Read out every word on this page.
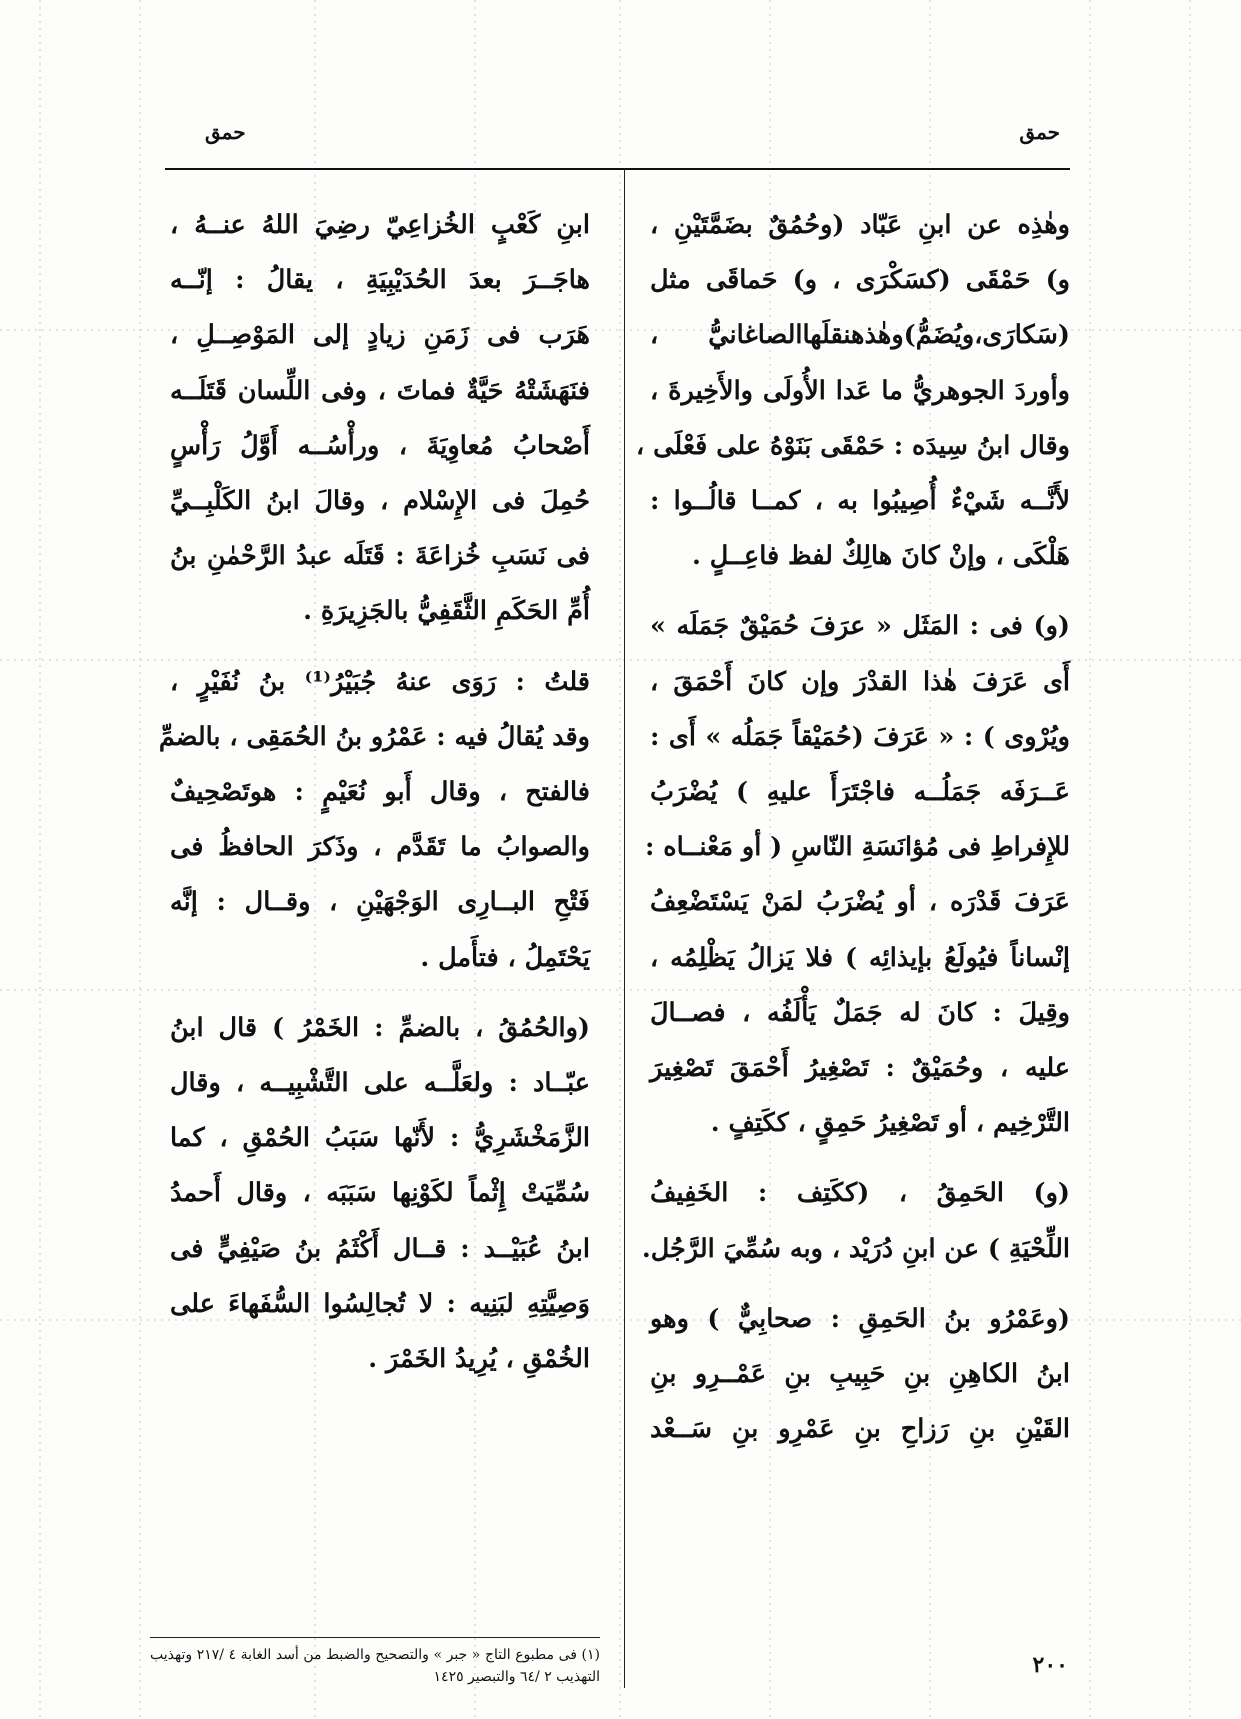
حمق
حمق
وهٰذِه عن ابنِ عَبّاد (وحُمُقٌ بضَمَّتَيْنِ ،
و) حَمْقَى (كسَكْرَى ، و) حَماقَى مثل
(سَكارَى،ويُضَمُّ)وهٰذهنقلَهاالصاغانيُّ ،
وأوردَ الجوهريُّ ما عَدا الأُولَى والأَخِيرةَ ،
وقال ابنُ سِيدَه : حَمْقَى بَنَوْهُ على فَعْلَى ،
لأَنَّــه شَيْءٌ أُصِيبُوا به ، كمــا قالُــوا :
هَلْكَى ، وإنْ كانَ هالِكٌ لفظ فاعِــلٍ .
(و) فى : المَثَل « عرَفَ حُمَيْقٌ جَمَلَه »
أَى عَرَفَ هٰذا القدْرَ وإن كانَ أَحْمَقَ ،
ويُرْوى ) : « عَرَفَ (حُمَيْقاً جَمَلُه » أَى :
عَــرَفَه جَمَلُــه فاجْتَرَأَ عليهِ ) يُضْرَبُ
للإِفراطِ فى مُؤانَسَةِ النّاسِ ( أو مَعْنــاه :
عَرَفَ قَدْرَه ، أو يُضْرَبُ لمَنْ يَسْتَضْعِفُ
إنْساناً فيُولَعُ بإيذائِه ) فلا يَزالُ يَظْلِمُه ،
وقِيلَ : كانَ له جَمَلٌ يَأْلَفُه ، فصــالَ
عليه ، وحُمَيْقٌ : تَصْغِيرُ أَحْمَقَ تَصْغِيرَ
التَّرْخِيم ، أو تَصْغِيرُ حَمِقٍ ، ككَتِفٍ .
(و) الحَمِقُ ، (ككَتِف : الخَفِيفُ
اللِّحْيَةِ ) عن ابنِ دُرَيْد ، وبه سُمِّيَ الرَّجُل.
(وعَمْرُو بنُ الحَمِقِ : صحابِيٌّ ) وهو
ابنُ الكاهِنِ بنِ حَبِيبِ بنِ عَمْــرِو بنِ
القَيْنِ بنِ رَزاحِ بنِ عَمْرِو بنِ سَــعْد
ابنِ كَعْبٍ الخُزاعِيّ رضِيَ اللهُ عنــهُ ،
هاجَــرَ بعدَ الحُدَيْبِيَةِ ، يقالُ : إنّــه
هَرَب فى زَمَنِ زيادٍ إلى المَوْصِــلِ ،
فنَهَشَتْهُ حَيَّةٌ فماتَ ، وفى اللِّسان قَتَلَــه
أَصْحابُ مُعاوِيَةَ ، ورأْسُــه أَوَّلُ رَأْسٍ
حُمِلَ فى الإِسْلام ، وقالَ ابنُ الكَلْبِــيِّ
فى نَسَبِ خُزاعَةَ : قَتَلَه عبدُ الرَّحْمٰنِ بنُ
أُمِّ الحَكَمِ الثَّقَفِيُّ بالجَزِيرَةِ .
قلتُ : رَوَى عنهُ جُبَيْرُ⁽¹⁾ بنُ نُفَيْرٍ ،
وقد يُقالُ فيه : عَمْرُو بنُ الحُمَقِى ، بالضمِّ
فالفتح ، وقال أَبو نُعَيْمٍ : هوتَصْحِيفٌ
والصوابُ ما تَقَدَّم ، وذَكرَ الحافظُ فى
فَتْحِ البــارِى الوَجْهَيْنِ ، وقــال : إنَّه
يَحْتَمِلُ ، فتأَمل .
(والحُمُقُ ، بالضمِّ : الخَمْرُ ) قال ابنُ
عبّــاد : ولعَلَّــه على التَّشْبِيــه ، وقال
الزَّمَخْشَرِيُّ : لأَنّها سَبَبُ الحُمْقِ ، كما
سُمِّيَتْ إِثْماً لكَوْنِها سَبَبَه ، وقال أَحمدُ
ابنُ عُبَيْــد : قــال أَكْثَمُ بنُ صَيْفِيٍّ فى
وَصِيَّتِهِ لبَنِيه : لا تُجالِسُوا السُّفَهاءَ على
الخُمْقِ ، يُرِيدُ الخَمْرَ .
(١) فى مطبوع التاج « جبر » والتصحيح والضبط من أسد الغابة ٤ /٢١٧ وتهذيب التهذيب ٢ /٦٤ والتبصير ١٤٢٥	٢٠٠
